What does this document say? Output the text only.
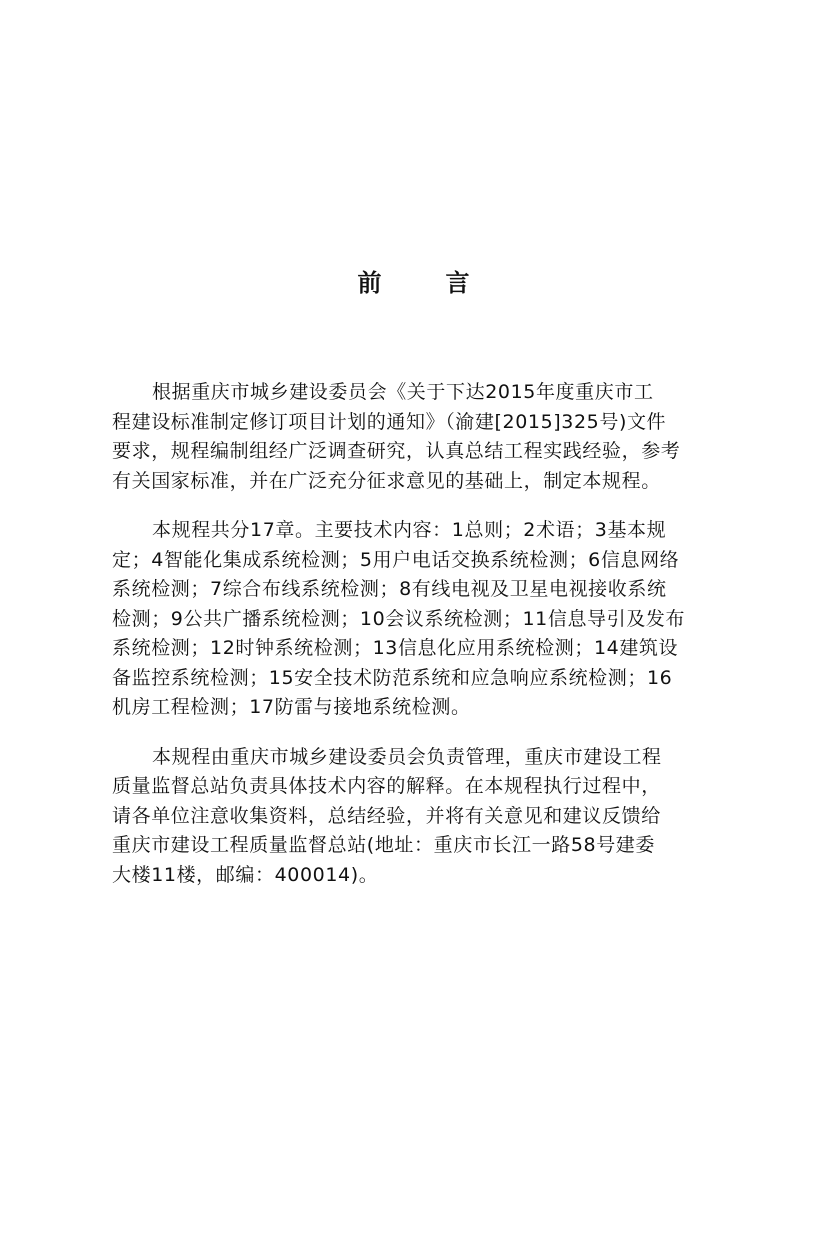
前　言

根据重庆市城乡建设委员会《关于下达2015年度重庆市工
程建设标准制定修订项目计划的通知》（渝建[2015]325号)文件
要求，规程编制组经广泛调查研究，认真总结工程实践经验，参考
有关国家标准，并在广泛充分征求意见的基础上，制定本规程。

本规程共分17章。主要技术内容：1总则；2术语；3基本规
定；4智能化集成系统检测；5用户电话交换系统检测；6信息网络
系统检测；7综合布线系统检测；8有线电视及卫星电视接收系统
检测；9公共广播系统检测；10会议系统检测；11信息导引及发布
系统检测；12时钟系统检测；13信息化应用系统检测；14建筑设
备监控系统检测；15安全技术防范系统和应急响应系统检测；16
机房工程检测；17防雷与接地系统检测。

本规程由重庆市城乡建设委员会负责管理，重庆市建设工程
质量监督总站负责具体技术内容的解释。在本规程执行过程中，
请各单位注意收集资料，总结经验，并将有关意见和建议反馈给
重庆市建设工程质量监督总站(地址：重庆市长江一路58号建委
大楼11楼，邮编：400014)。
